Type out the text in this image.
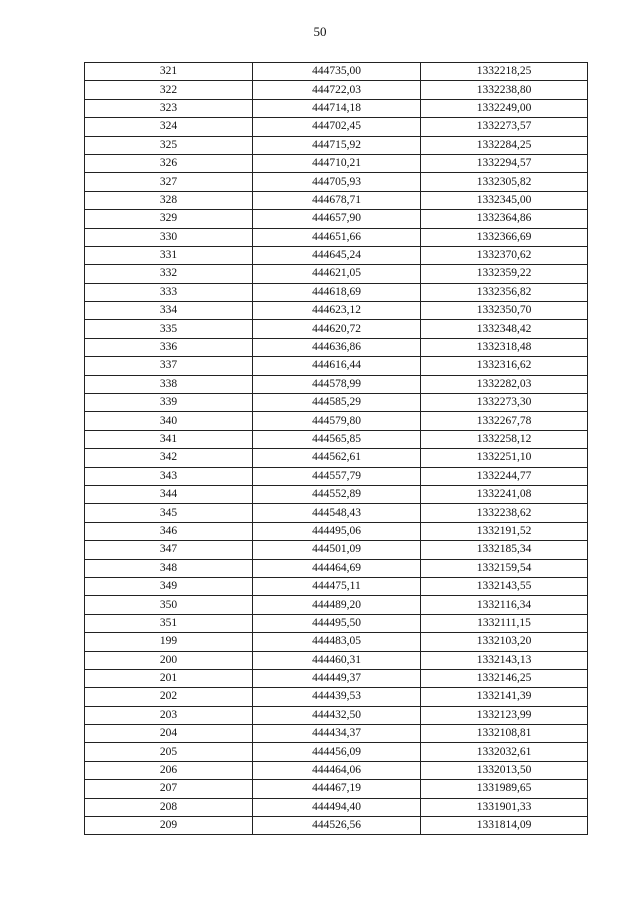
50
321	444735,00	1332218,25
322	444722,03	1332238,80
323	444714,18	1332249,00
324	444702,45	1332273,57
325	444715,92	1332284,25
326	444710,21	1332294,57
327	444705,93	1332305,82
328	444678,71	1332345,00
329	444657,90	1332364,86
330	444651,66	1332366,69
331	444645,24	1332370,62
332	444621,05	1332359,22
333	444618,69	1332356,82
334	444623,12	1332350,70
335	444620,72	1332348,42
336	444636,86	1332318,48
337	444616,44	1332316,62
338	444578,99	1332282,03
339	444585,29	1332273,30
340	444579,80	1332267,78
341	444565,85	1332258,12
342	444562,61	1332251,10
343	444557,79	1332244,77
344	444552,89	1332241,08
345	444548,43	1332238,62
346	444495,06	1332191,52
347	444501,09	1332185,34
348	444464,69	1332159,54
349	444475,11	1332143,55
350	444489,20	1332116,34
351	444495,50	1332111,15
199	444483,05	1332103,20
200	444460,31	1332143,13
201	444449,37	1332146,25
202	444439,53	1332141,39
203	444432,50	1332123,99
204	444434,37	1332108,81
205	444456,09	1332032,61
206	444464,06	1332013,50
207	444467,19	1331989,65
208	444494,40	1331901,33
209	444526,56	1331814,09
